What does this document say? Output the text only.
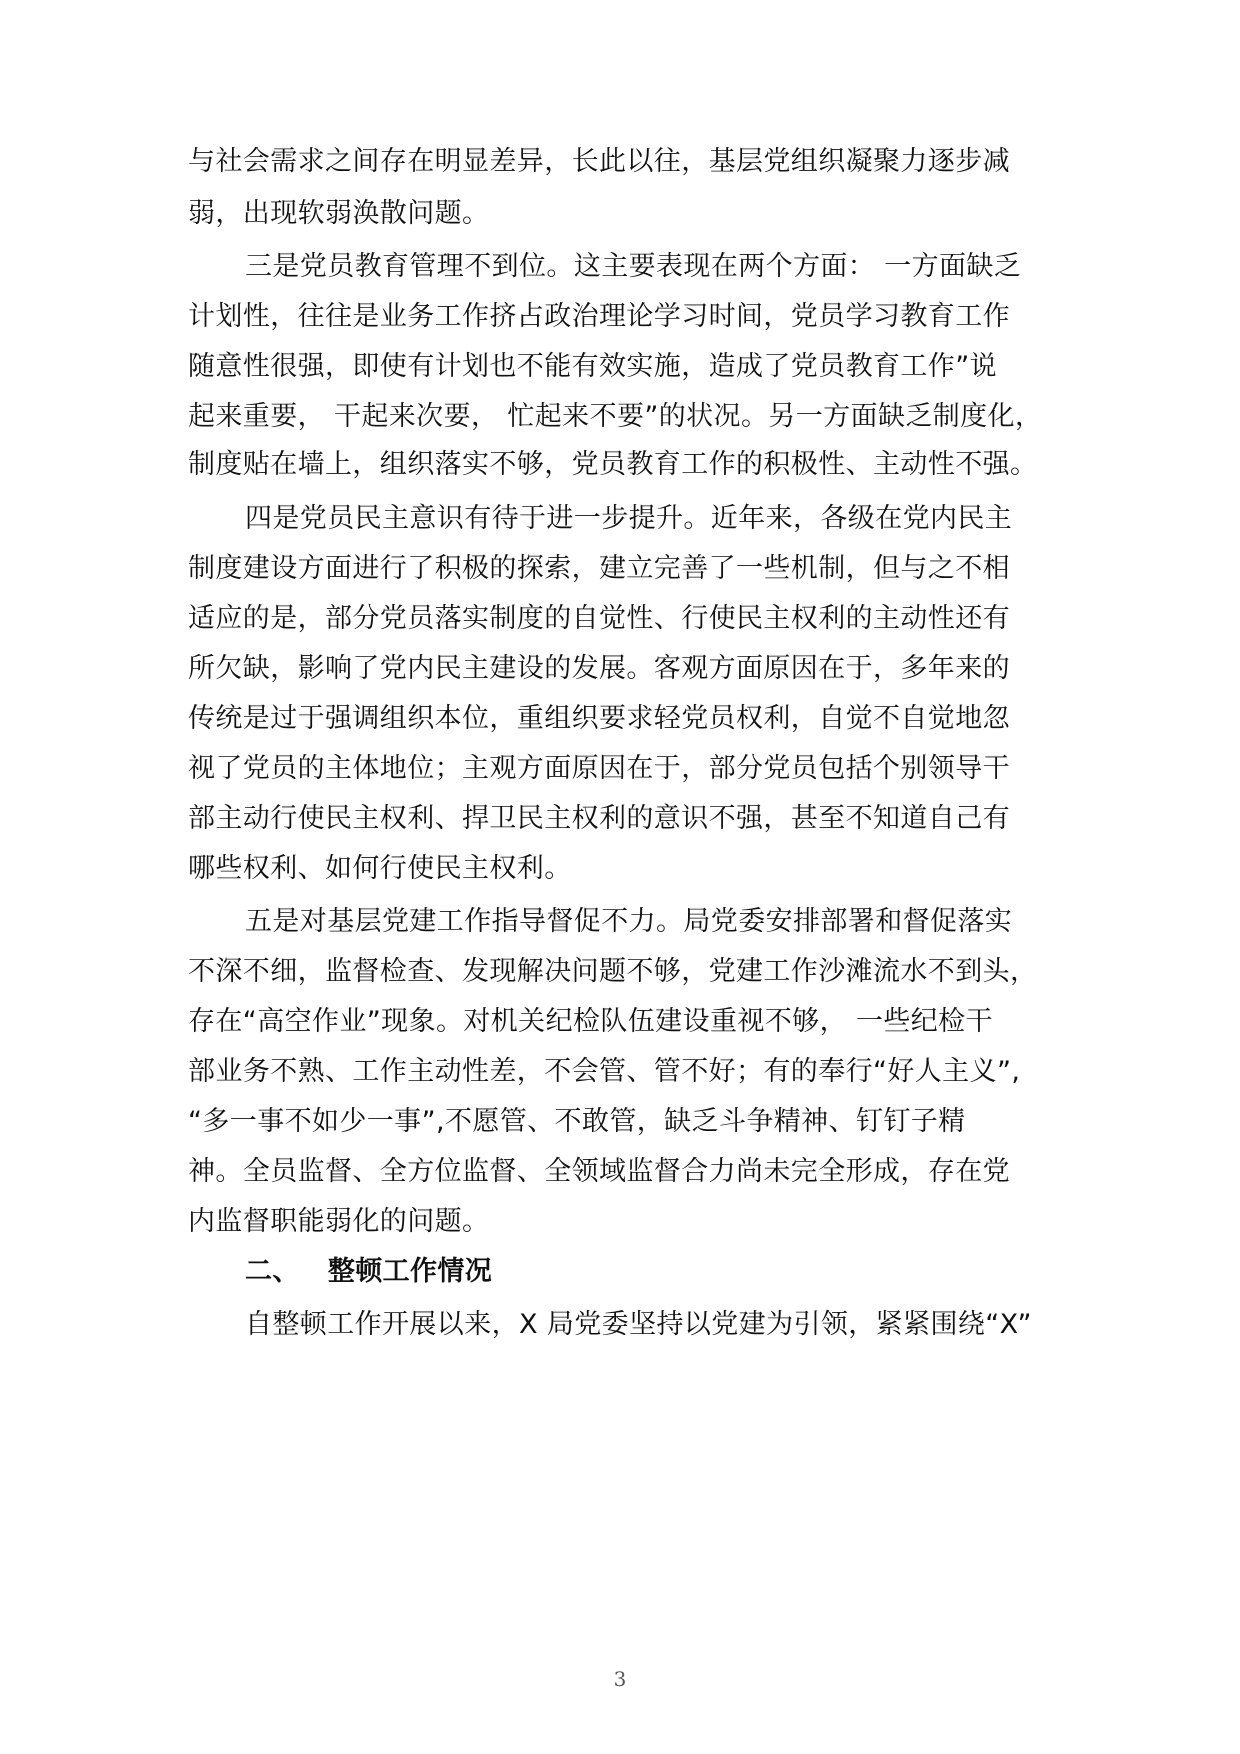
与社会需求之间存在明显差异，长此以往，基层党组织凝聚力逐步减
弱，出现软弱涣散问题。
三是党员教育管理不到位。这主要表现在两个方面： 一方面缺乏
计划性，往往是业务工作挤占政治理论学习时间，党员学习教育工作
随意性很强，即使有计划也不能有效实施，造成了党员教育工作”说
起来重要， 干起来次要， 忙起来不要”的状况。另一方面缺乏制度化，
制度贴在墙上，组织落实不够，党员教育工作的积极性、主动性不强。
四是党员民主意识有待于进一步提升。近年来，各级在党内民主
制度建设方面进行了积极的探索，建立完善了一些机制，但与之不相
适应的是，部分党员落实制度的自觉性、行使民主权利的主动性还有
所欠缺，影响了党内民主建设的发展。客观方面原因在于，多年来的
传统是过于强调组织本位，重组织要求轻党员权利，自觉不自觉地忽
视了党员的主体地位；主观方面原因在于，部分党员包括个别领导干
部主动行使民主权利、捍卫民主权利的意识不强，甚至不知道自己有
哪些权利、如何行使民主权利。
五是对基层党建工作指导督促不力。局党委安排部署和督促落实
不深不细，监督检查、发现解决问题不够，党建工作沙滩流水不到头，
存在“高空作业”现象。对机关纪检队伍建设重视不够， 一些纪检干
部业务不熟、工作主动性差，不会管、管不好；有的奉行“好人主义”,
“多一事不如少一事”,不愿管、不敢管，缺乏斗争精神、钉钉子精
神。全员监督、全方位监督、全领域监督合力尚未完全形成，存在党
内监督职能弱化的问题。
二、 整顿工作情况
自整顿工作开展以来，X 局党委坚持以党建为引领，紧紧围绕“X”
3
